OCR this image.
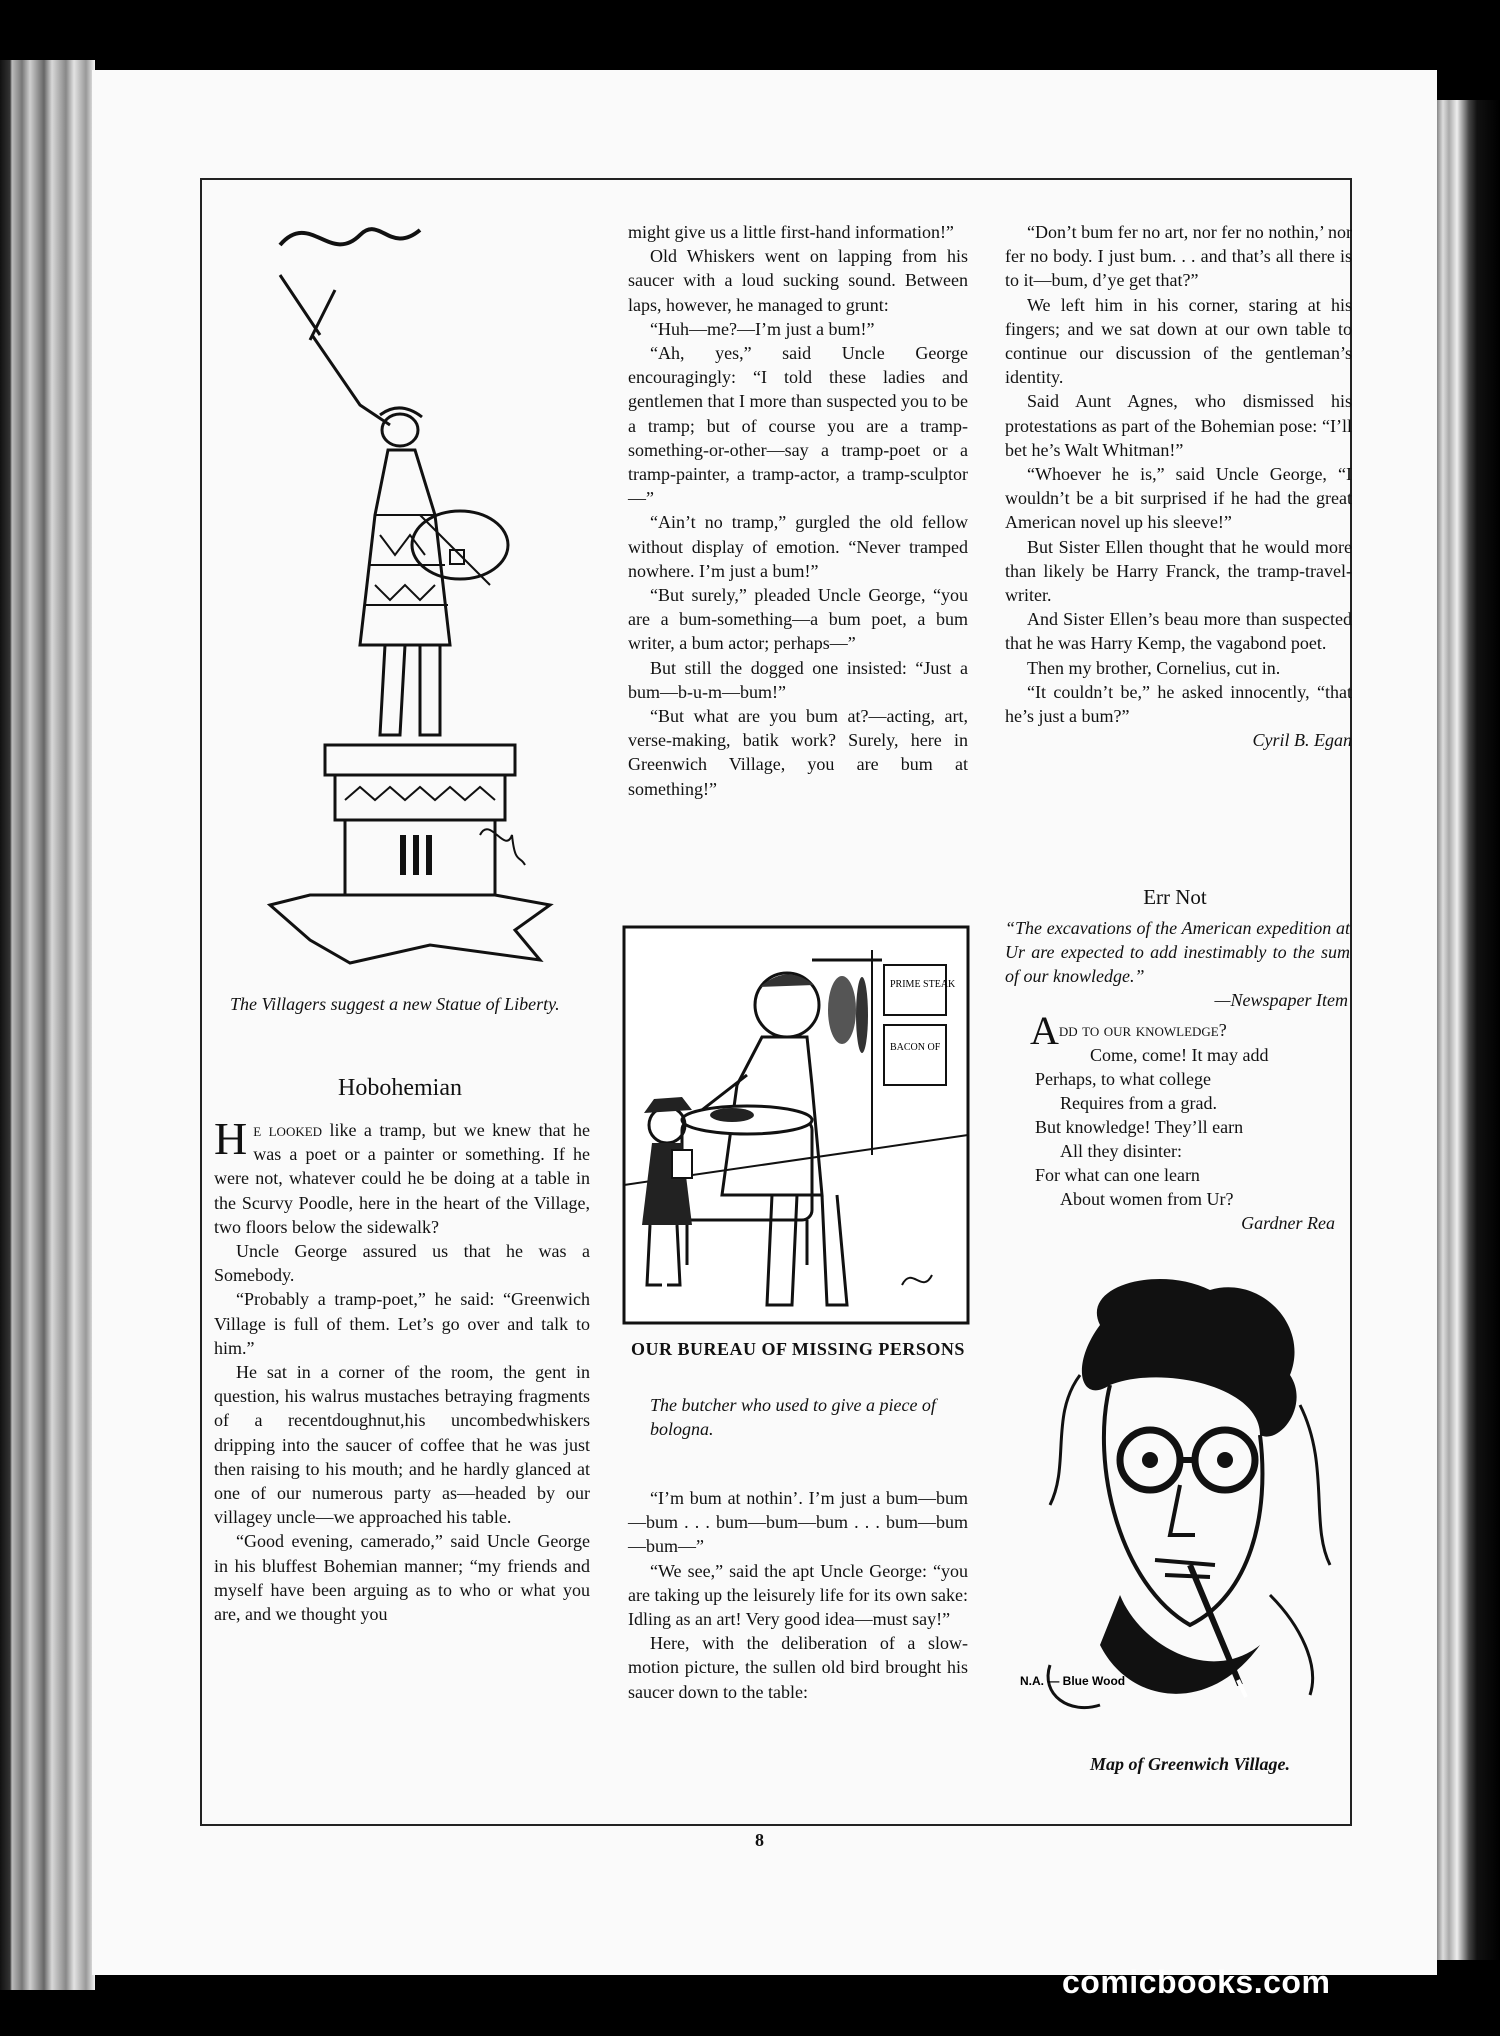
The Villagers suggest a new Statue of Liberty.
Hobohemian

He looked like a tramp, but we knew that he was a poet or a painter or something. If he were not, whatever could he be doing at a table in the Scurvy Poodle, here in the heart of the Village, two floors below the sidewalk?

Uncle George assured us that he was a Somebody.

“Probably a tramp-poet,” he said: “Greenwich Village is full of them. Let’s go over and talk to him.”

He sat in a corner of the room, the gent in question, his walrus mustaches betraying fragments of a recentdoughnut,his uncombedwhiskers dripping into the saucer of coffee that he was just then raising to his mouth; and he hardly glanced at one of our numerous party as—headed by our villagey uncle—we approached his table.

“Good evening, camerado,” said Uncle George in his bluffest Bohemian manner; “my friends and myself have been arguing as to who or what you are, and we thought you

might give us a little first-hand information!”

Old Whiskers went on lapping from his saucer with a loud sucking sound. Between laps, however, he managed to grunt:

“Huh—me?—I’m just a bum!”

“Ah, yes,” said Uncle George encouragingly: “I told these ladies and gentlemen that I more than suspected you to be a tramp; but of course you are a tramp-something-or-other—say a tramp-poet or a tramp-painter, a tramp-actor, a tramp-sculptor—”

“Ain’t no tramp,” gurgled the old fellow without display of emotion. “Never tramped nowhere. I’m just a bum!”

“But surely,” pleaded Uncle George, “you are a bum-something—a bum poet, a bum writer, a bum actor; perhaps—”

But still the dogged one insisted: “Just a bum—b-u-m—bum!”

“But what are you bum at?—acting, art, verse-making, batik work? Surely, here in Greenwich Village, you are bum at something!”

PRIME STEAK
BACON OF
OUR BUREAU OF MISSING PERSONS
The butcher who used to give a piece of bologna.

“I’m bum at nothin’. I’m just a bum—bum—bum . . . bum—bum—bum . . . bum—bum—bum—”

“We see,” said the apt Uncle George: “you are taking up the leisurely life for its own sake: Idling as an art! Very good idea—must say!”

Here, with the deliberation of a slow-motion picture, the sullen old bird brought his saucer down to the table:

“Don’t bum fer no art, nor fer no nothin,’ nor fer no body. I just bum. . . and that’s all there is to it—bum, d’ye get that?”

We left him in his corner, staring at his fingers; and we sat down at our own table to continue our discussion of the gentleman’s identity.

Said Aunt Agnes, who dismissed his protestations as part of the Bohemian pose: “I’ll bet he’s Walt Whitman!”

“Whoever he is,” said Uncle George, “I wouldn’t be a bit surprised if he had the great American novel up his sleeve!”

But Sister Ellen thought that he would more than likely be Harry Franck, the tramp-travel-writer.

And Sister Ellen’s beau more than suspected that he was Harry Kemp, the vagabond poet.

Then my brother, Cornelius, cut in.

“It couldn’t be,” he asked innocently, “that he’s just a bum?”

Cyril B. Egan
Err Not
“The excavations of the American expedition at Ur are expected to add inestimably to the sum of our knowledge.”
—Newspaper Item
Add to our knowledge?
Come, come! It may add
Perhaps, to what college
Requires from a grad.
But knowledge! They’ll earn
All they disinter:
For what can one learn
About women from Ur?
Gardner Rea
N.A. — Blue Wood
Map of Greenwich Village.
8
comicbooks.com
